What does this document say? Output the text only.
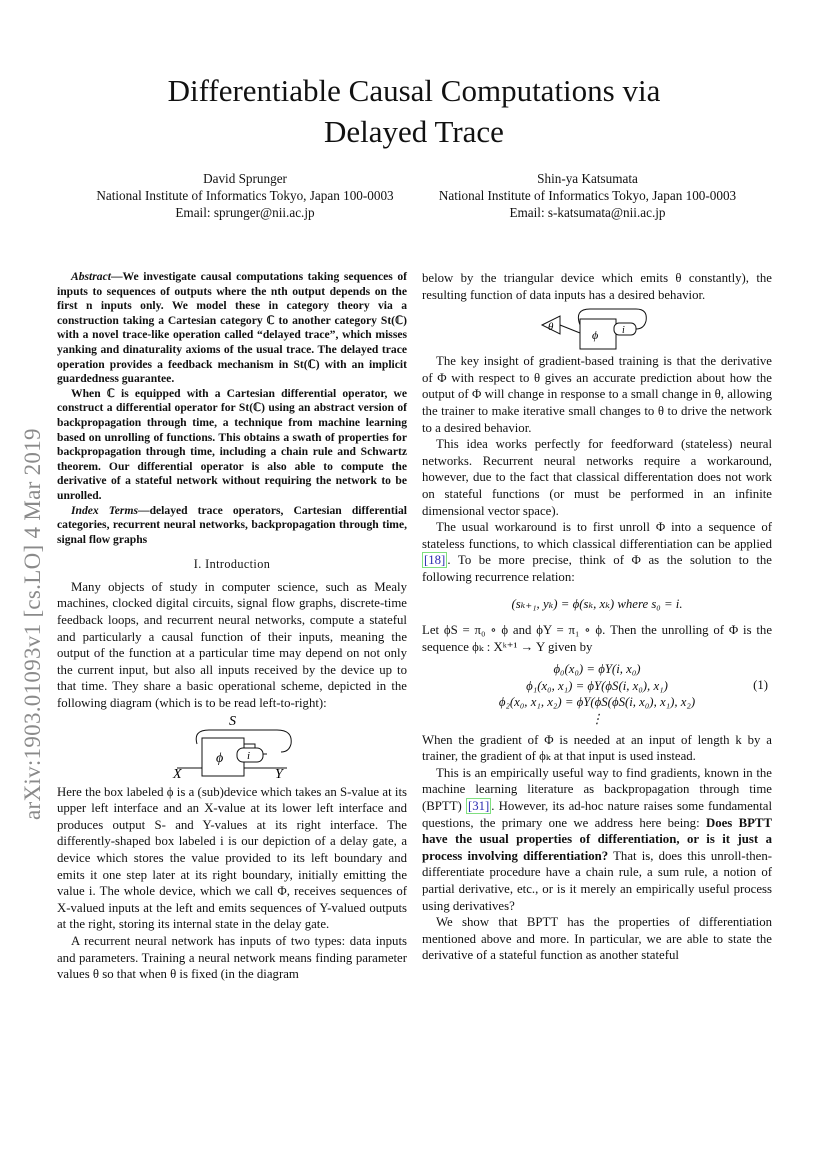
Differentiable Causal Computations via
Delayed Trace
David Sprunger
National Institute of Informatics Tokyo, Japan 100-0003
Email: sprunger@nii.ac.jp
Shin-ya Katsumata
National Institute of Informatics Tokyo, Japan 100-0003
Email: s-katsumata@nii.ac.jp
arXiv:1903.01093v1 [cs.LO] 4 Mar 2019

Abstract—We investigate causal computations taking sequences of inputs to sequences of outputs where the nth output depends on the first n inputs only. We model these in category theory via a construction taking a Cartesian category ℂ to another category St(ℂ) with a novel trace-like operation called “delayed trace”, which misses yanking and dinaturality axioms of the usual trace. The delayed trace operation provides a feedback mechanism in St(ℂ) with an implicit guardedness guarantee.

When ℂ is equipped with a Cartesian differential operator, we construct a differential operator for St(ℂ) using an abstract version of backpropagation through time, a technique from machine learning based on unrolling of functions. This obtains a swath of properties for backpropagation through time, including a chain rule and Schwartz theorem. Our differential operator is also able to compute the derivative of a stateful network without requiring the network to be unrolled.

Index Terms—delayed trace operators, Cartesian differential categories, recurrent neural networks, backpropagation through time, signal flow graphs

I. Introduction

Many objects of study in computer science, such as Mealy machines, clocked digital circuits, signal flow graphs, discrete-time feedback loops, and recurrent neural networks, compute a stateful and particularly a causal function of their inputs, meaning the output of the function at a particular time may depend on not only the current input, but also all inputs received by the device up to that time. They share a basic operational scheme, depicted in the following diagram (which is to be read left-to-right):

S
ϕ i
X	Y

Here the box labeled ϕ is a (sub)device which takes an S-value at its upper left interface and an X-value at its lower left interface and produces output S- and Y-values at its right interface. The differently-shaped box labeled i is our depiction of a delay gate, a device which stores the value provided to its left boundary and emits it one step later at its right boundary, initially emitting the value i. The whole device, which we call Φ, receives sequences of X-valued inputs at the left and emits sequences of Y-valued outputs at the right, storing its internal state in the delay gate.

A recurrent neural network has inputs of two types: data inputs and parameters. Training a neural network means finding parameter values θ so that when θ is fixed (in the diagram

below by the triangular device which emits θ constantly), the resulting function of data inputs has a desired behavior.

θ
ϕ i

The key insight of gradient-based training is that the derivative of Φ with respect to θ gives an accurate prediction about how the output of Φ will change in response to a small change in θ, allowing the trainer to make iterative small changes to θ to drive the network to a desired behavior.

This idea works perfectly for feedforward (stateless) neural networks. Recurrent neural networks require a workaround, however, due to the fact that classical differentation does not work on stateful functions (or must be performed in an infinite dimensional vector space).

The usual workaround is to first unroll Φ into a sequence of stateless functions, to which classical differentiation can be applied [18] . To be more precise, think of Φ as the solution to the following recurrence relation:

(sₖ₊₁, yₖ) = ϕ(sₖ, xₖ) where s₀ = i.

Let ϕS = π₀ ∘ ϕ and ϕY = π₁ ∘ ϕ. Then the unrolling of Φ is the sequence ϕₖ : Xᵏ⁺¹ → Y given by

ϕ₀(x₀) = ϕY(i, x₀)
ϕ₁(x₀, x₁) = ϕY(ϕS(i, x₀), x₁)
ϕ₂(x₀, x₁, x₂) = ϕY(ϕS(ϕS(i, x₀), x₁), x₂)
⋮
(1)

When the gradient of Φ is needed at an input of length k by a trainer, the gradient of ϕₖ at that input is used instead.

This is an empirically useful way to find gradients, known in the machine learning literature as backpropagation through time (BPTT) [31] . However, its ad-hoc nature raises some fundamental questions, the primary one we address here being: Does BPTT have the usual properties of differentiation, or is it just a process involving differentiation? That is, does this unroll-then-differentiate procedure have a chain rule, a sum rule, a notion of partial derivative, etc., or is it merely an empirically useful process using derivatives?

We show that BPTT has the properties of differentiation mentioned above and more. In particular, we are able to state the derivative of a stateful function as another stateful
